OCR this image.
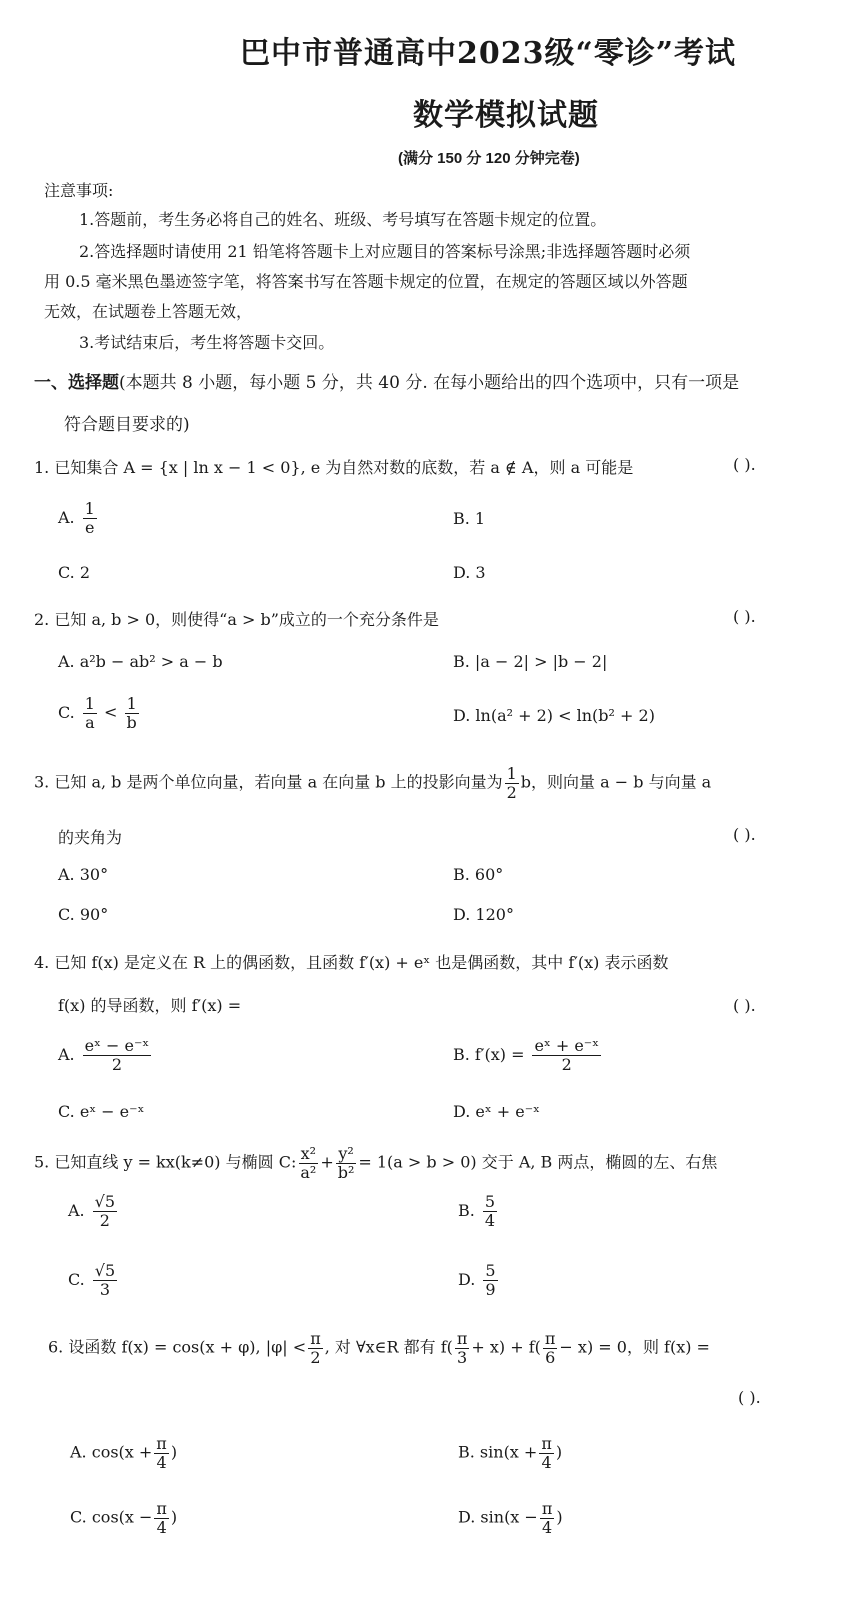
巴中市普通高中2023级“零诊”考试
数学模拟试题
(满分 150 分 120 分钟完卷)
注意事项:
1.答题前，考生务必将自己的姓名、班级、考号填写在答题卡规定的位置。
2.答选择题时请使用 21 铅笔将答题卡上对应题目的答案标号涂黑;非选择题答题时必须
用 0.5 毫米黑色墨迹签字笔，将答案书写在答题卡规定的位置，在规定的答题区域以外答题
无效，在试题卷上答题无效，
3.考试结束后，考生将答题卡交回。
一、选择题(本题共 8 小题，每小题 5 分，共 40 分. 在每小题给出的四个选项中，只有一项是
符合题目要求的)
1. 已知集合 A = {x | ln x − 1 < 0}, e 为自然对数的底数，若 a ∉ A，则 a 可能是	( ).
A. $\frac{1}{e}$	B. 1
C. 2	D. 3
2. 已知 a, b > 0，则使得“a > b”成立的一个充分条件是	( ).
A. a²b − ab² > a − b	B. |a − 2| > |b − 2|
C. $\frac{1}{a} < \frac{1}{b}$	D. ln(a² + 2) < ln(b² + 2)
3. 已知 a, b 是两个单位向量，若向量 a 在向量 b 上的投影向量为 $\frac{1}{2}$ b，则向量 a − b 与向量 a
的夹角为	( ).
A. 30°	B. 60°
C. 90°	D. 120°
4. 已知 f(x) 是定义在 R 上的偶函数，且函数 f′(x) + eˣ 也是偶函数，其中 f′(x) 表示函数
f(x) 的导函数，则 f′(x) =	( ).
A. $\frac{\text{eˣ − e⁻ˣ}}{2}$	B. $f'(x) = \frac{\text{eˣ + e⁻ˣ}}{2}$
C. eˣ − e⁻ˣ	D. eˣ + e⁻ˣ
5. 已知直线 y = kx(k≠0) 与椭圆 C: $\frac{\text{x²}}{\text{a²}} + \frac{\text{y²}}{\text{b²}} = 1(a > b > 0)$ 交于 A, B 两点，椭圆的左、右焦
A. $\frac{√5}{2}$	B. $\frac{5}{4}$
C. $\frac{√5}{3}$	D. $\frac{5}{9}$
6. 设函数 f(x) = cos(x + φ), $|\varphi| < \frac{\pi}{2}$ , 对 ∀x∈R 都有 $f( \frac{\pi}{3} + x) + f( \frac{\pi}{6} - x) = 0$，则 f(x) =
( ).
A. $\cos(x + \frac{\pi}{4}$ )	B. $\sin(x + \frac{\pi}{4}$ )
C. $\cos(x - \frac{\pi}{4}$ )	D. $\sin(x - \frac{\pi}{4}$ )
